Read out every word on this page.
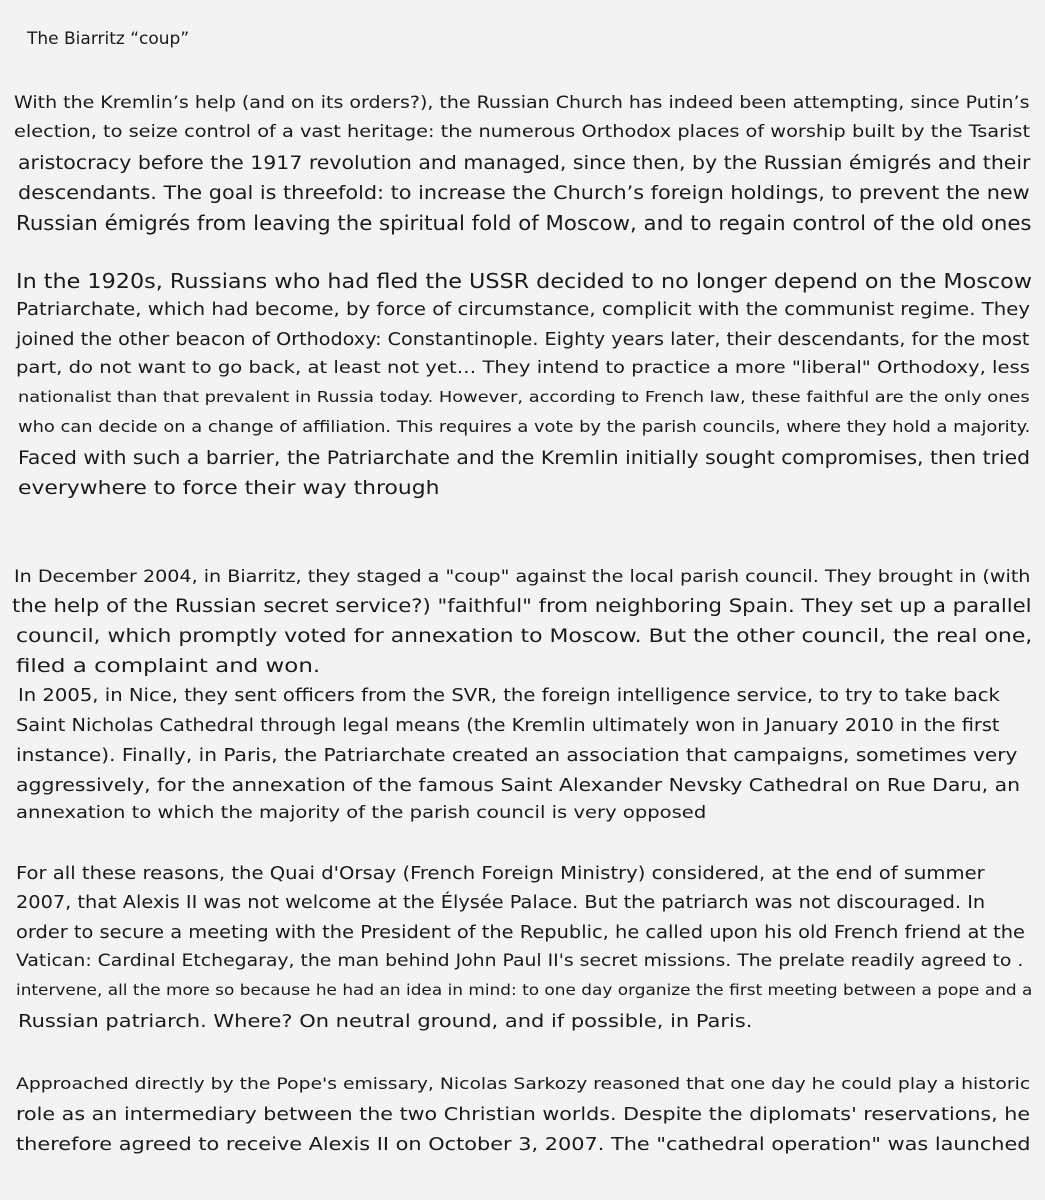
The Biarritz “coup”
With the Kremlin’s help (and on its orders?), the Russian Church has indeed been attempting, since Putin’s
election, to seize control of a vast heritage: the numerous Orthodox places of worship built by the Tsarist
aristocracy before the 1917 revolution and managed, since then, by the Russian émigrés and their
descendants. The goal is threefold: to increase the Church’s foreign holdings, to prevent the new
Russian émigrés from leaving the spiritual fold of Moscow, and to regain control of the old ones
In the 1920s, Russians who had fled the USSR decided to no longer depend on the Moscow
Patriarchate, which had become, by force of circumstance, complicit with the communist regime. They
joined the other beacon of Orthodoxy: Constantinople. Eighty years later, their descendants, for the most
part, do not want to go back, at least not yet… They intend to practice a more "liberal" Orthodoxy, less
nationalist than that prevalent in Russia today. However, according to French law, these faithful are the only ones
who can decide on a change of affiliation. This requires a vote by the parish councils, where they hold a majority.
Faced with such a barrier, the Patriarchate and the Kremlin initially sought compromises, then tried
everywhere to force their way through
In December 2004, in Biarritz, they staged a "coup" against the local parish council. They brought in (with
the help of the Russian secret service?) "faithful" from neighboring Spain. They set up a parallel
council, which promptly voted for annexation to Moscow. But the other council, the real one,
filed a complaint and won.
In 2005, in Nice, they sent officers from the SVR, the foreign intelligence service, to try to take back
Saint Nicholas Cathedral through legal means (the Kremlin ultimately won in January 2010 in the first
instance). Finally, in Paris, the Patriarchate created an association that campaigns, sometimes very
aggressively, for the annexation of the famous Saint Alexander Nevsky Cathedral on Rue Daru, an
annexation to which the majority of the parish council is very opposed
For all these reasons, the Quai d'Orsay (French Foreign Ministry) considered, at the end of summer
2007, that Alexis II was not welcome at the Élysée Palace. But the patriarch was not discouraged. In
order to secure a meeting with the President of the Republic, he called upon his old French friend at the
Vatican: Cardinal Etchegaray, the man behind John Paul II's secret missions. The prelate readily agreed to .
intervene, all the more so because he had an idea in mind: to one day organize the first meeting between a pope and a
Russian patriarch. Where? On neutral ground, and if possible, in Paris.
Approached directly by the Pope's emissary, Nicolas Sarkozy reasoned that one day he could play a historic
role as an intermediary between the two Christian worlds. Despite the diplomats' reservations, he
therefore agreed to receive Alexis II on October 3, 2007. The "cathedral operation" was launched
